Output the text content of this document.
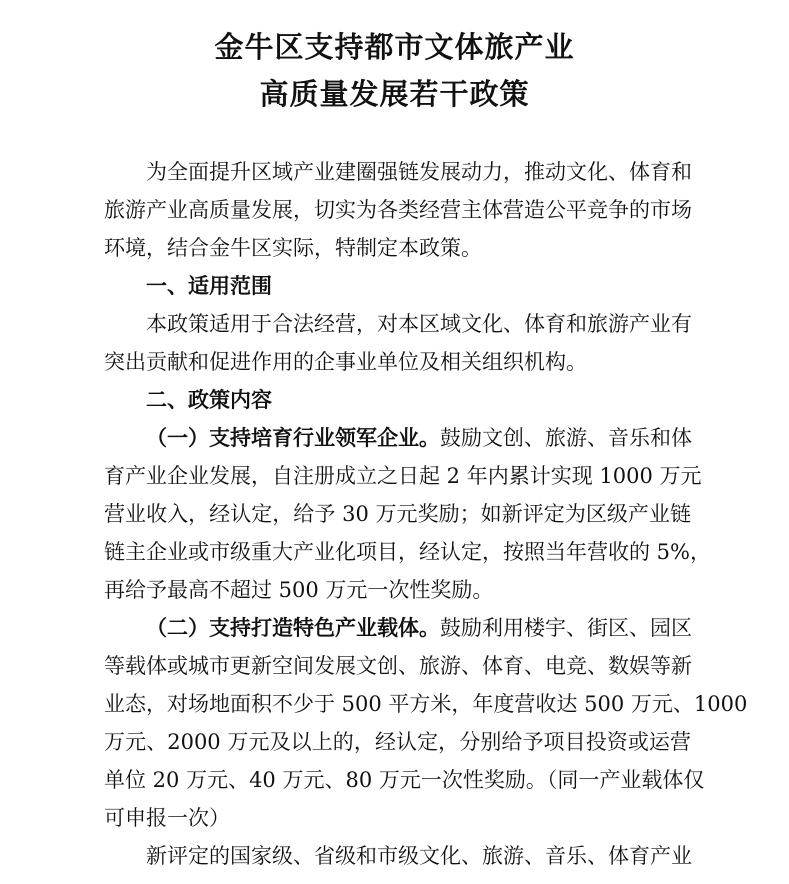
金牛区支持都市文体旅产业
高质量发展若干政策

为全面提升区域产业建圈强链发展动力，推动文化、体育和

旅游产业高质量发展，切实为各类经营主体营造公平竞争的市场

环境，结合金牛区实际，特制定本政策。

一、适用范围

本政策适用于合法经营，对本区域文化、体育和旅游产业有

突出贡献和促进作用的企事业单位及相关组织机构。

二、政策内容

（一）支持培育行业领军企业。鼓励文创、旅游、音乐和体

育产业企业发展，自注册成立之日起 2 年内累计实现 1000 万元

营业收入，经认定，给予 30 万元奖励；如新评定为区级产业链

链主企业或市级重大产业化项目，经认定，按照当年营收的 5%，

再给予最高不超过 500 万元一次性奖励。

（二）支持打造特色产业载体。鼓励利用楼宇、街区、园区

等载体或城市更新空间发展文创、旅游、体育、电竞、数娱等新

业态，对场地面积不少于 500 平方米，年度营收达 500 万元、1000

万元、2000 万元及以上的，经认定，分别给予项目投资或运营

单位 20 万元、40 万元、80 万元一次性奖励。（同一产业载体仅

可申报一次）

新评定的国家级、省级和市级文化、旅游、音乐、体育产业
